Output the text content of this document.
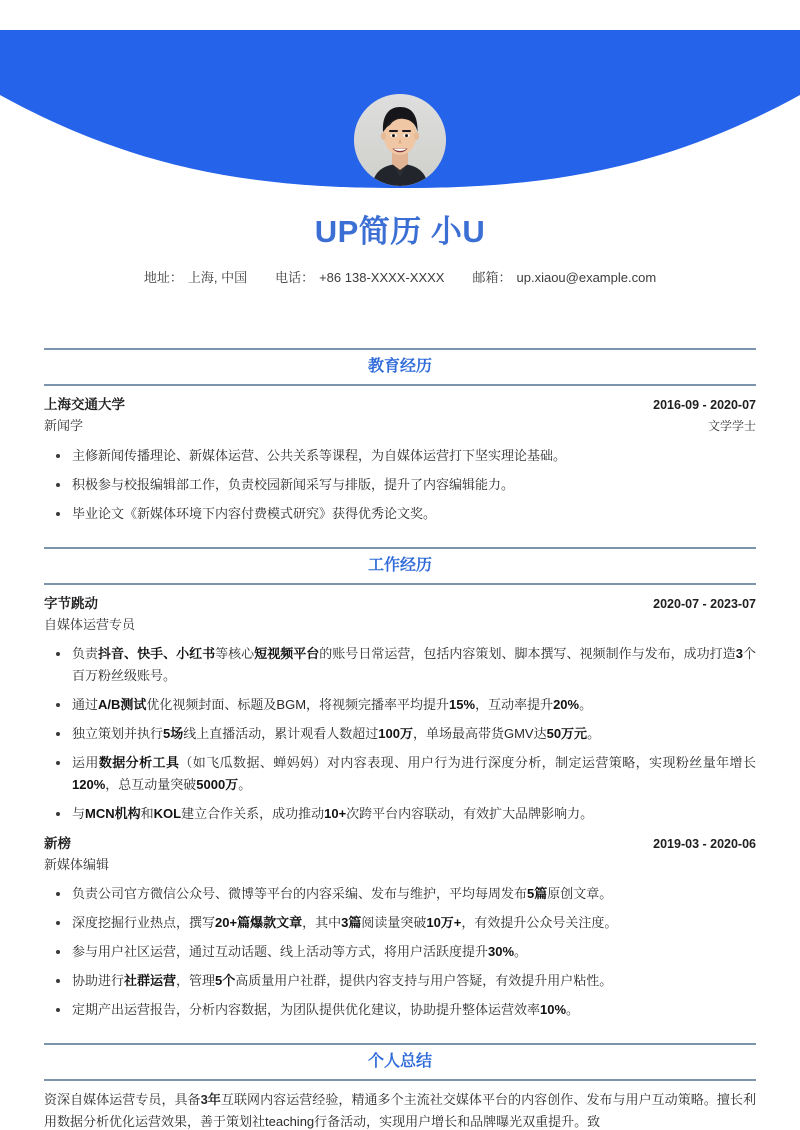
UP简历 小U
地址： 上海, 中国 电话： +86 138-XXXX-XXXX 邮箱： up.xiaou@example.com
教育经历
上海交通大学	2016-09 - 2020-07
新闻学	文学学士
主修新闻传播理论、新媒体运营、公共关系等课程，为自媒体运营打下坚实理论基础。
积极参与校报编辑部工作，负责校园新闻采写与排版，提升了内容编辑能力。
毕业论文《新媒体环境下内容付费模式研究》获得优秀论文奖。
工作经历
字节跳动	2020-07 - 2023-07
自媒体运营专员
负责抖音、快手、小红书等核心短视频平台的账号日常运营，包括内容策划、脚本撰写、视频制作与发布，成功打造3个百万粉丝级账号。
通过A/B测试优化视频封面、标题及BGM，将视频完播率平均提升15%，互动率提升20%。
独立策划并执行5场线上直播活动，累计观看人数超过100万，单场最高带货GMV达50万元。
运用数据分析工具（如飞瓜数据、蝉妈妈）对内容表现、用户行为进行深度分析，制定运营策略，实现粉丝量年增长120%，总互动量突破5000万。
与MCN机构和KOL建立合作关系，成功推动10+次跨平台内容联动，有效扩大品牌影响力。
新榜	2019-03 - 2020-06
新媒体编辑
负责公司官方微信公众号、微博等平台的内容采编、发布与维护，平均每周发布5篇原创文章。
深度挖掘行业热点，撰写20+篇爆款文章，其中3篇阅读量突破10万+，有效提升公众号关注度。
参与用户社区运营，通过互动话题、线上活动等方式，将用户活跃度提升30%。
协助进行社群运营，管理5个高质量用户社群，提供内容支持与用户答疑，有效提升用户粘性。
定期产出运营报告，分析内容数据，为团队提供优化建议，协助提升整体运营效率10%。
个人总结
资深自媒体运营专员，具备3年互联网内容运营经验，精通多个主流社交媒体平台的内容创作、发布与用户互动策略。擅长利用数据分析优化运营效果，善于策划社teaching行备活动，实现用户增长和品牌曝光双重提升。致
